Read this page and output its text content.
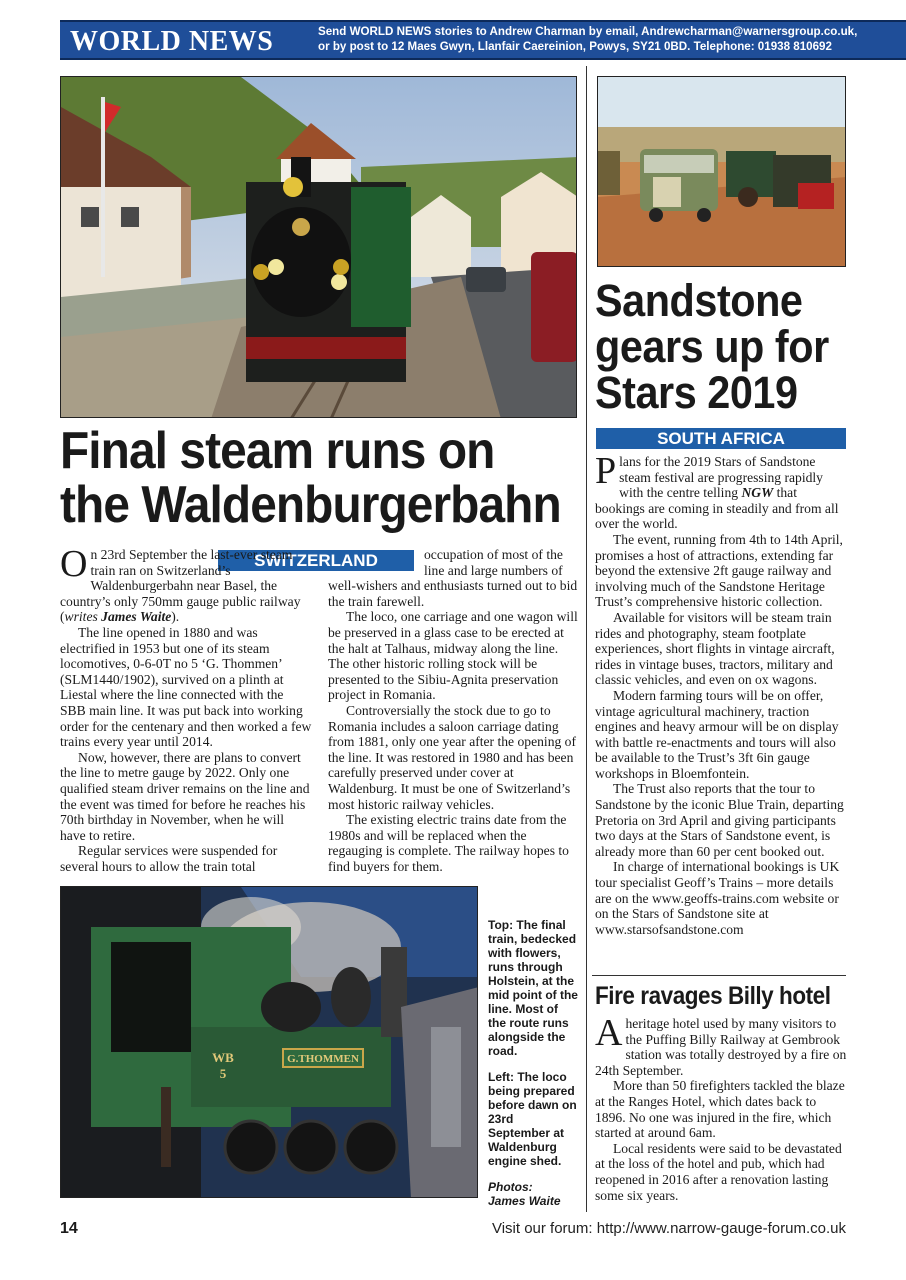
WORLD NEWS	Send WORLD NEWS stories to Andrew Charman by email, Andrewcharman@warnersgroup.co.uk,
or by post to 12 Maes Gwyn, Llanfair Caereinion, Powys, SY21 0BD. Telephone: 01938 810692
Final steam runs on
the Waldenburgerbahn
SWITZERLAND

On 23rd September the last-ever steam train ran on Switzerland’s Waldenburgerbahn near Basel, the country’s only 750mm gauge public railway (writes James Waite).

The line opened in 1880 and was electrified in 1953 but one of its steam locomotives, 0-6-0T no 5 ‘G. Thommen’ (SLM1440/1902), survived on a plinth at Liestal where the line connected with the SBB main line. It was put back into working order for the centenary and then worked a few trains every year until 2014.

Now, however, there are plans to convert the line to metre gauge by 2022. Only one qualified steam driver remains on the line and the event was timed for before he reaches his 70th birthday in November, when he will have to retire.

Regular services were suspended for several hours to allow the train total

occupation of most of the line and large numbers of well-wishers and enthusiasts turned out to bid the train farewell.

The loco, one carriage and one wagon will be preserved in a glass case to be erected at the halt at Talhaus, midway along the line. The other historic rolling stock will be presented to the Sibiu-Agnita preservation project in Romania.

Controversially the stock due to go to Romania includes a saloon carriage dating from 1881, only one year after the opening of the line. It was restored in 1980 and has been carefully preserved under cover at Waldenburg. It must be one of Switzerland’s most historic railway vehicles.

The existing electric trains date from the 1980s and will be replaced when the regauging is complete. The railway hopes to find buyers for them.

G.THOMMEN
WB
5

Top: The final train, bedecked with flowers, runs through Holstein, at the mid point of the line. Most of the route runs alongside the road.

Left: The loco being prepared before dawn on 23rd September at Waldenburg engine shed.

Photos:
James Waite

Sandstone
gears up for
Stars 2019
SOUTH AFRICA

Plans for the 2019 Stars of Sandstone steam festival are progressing rapidly with the centre telling NGW that bookings are coming in steadily and from all over the world.

The event, running from 4th to 14th April, promises a host of attractions, extending far beyond the extensive 2ft gauge railway and involving much of the Sandstone Heritage Trust’s comprehensive historic collection.

Available for visitors will be steam train rides and photography, steam footplate experiences, short flights in vintage aircraft, rides in vintage buses, tractors, military and classic vehicles, and even on ox wagons.

Modern farming tours will be on offer, vintage agricultural machinery, traction engines and heavy armour will be on display with battle re-enactments and tours will also be available to the Trust’s 3ft 6in gauge workshops in Bloemfontein.

The Trust also reports that the tour to Sandstone by the iconic Blue Train, departing Pretoria on 3rd April and giving participants two days at the Stars of Sandstone event, is already more than 60 per cent booked out.

In charge of international bookings is UK tour specialist Geoff’s Trains – more details are on the www.geoffs-trains.com website or on the Stars of Sandstone site at www.starsofsandstone.com

Fire ravages Billy hotel

A heritage hotel used by many visitors to the Puffing Billy Railway at Gembrook station was totally destroyed by a fire on 24th September.

More than 50 firefighters tackled the blaze at the Ranges Hotel, which dates back to 1896. No one was injured in the fire, which started at around 6am.

Local residents were said to be devastated at the loss of the hotel and pub, which had reopened in 2016 after a renovation lasting some six years.

14	Visit our forum: http://www.narrow-gauge-forum.co.uk
